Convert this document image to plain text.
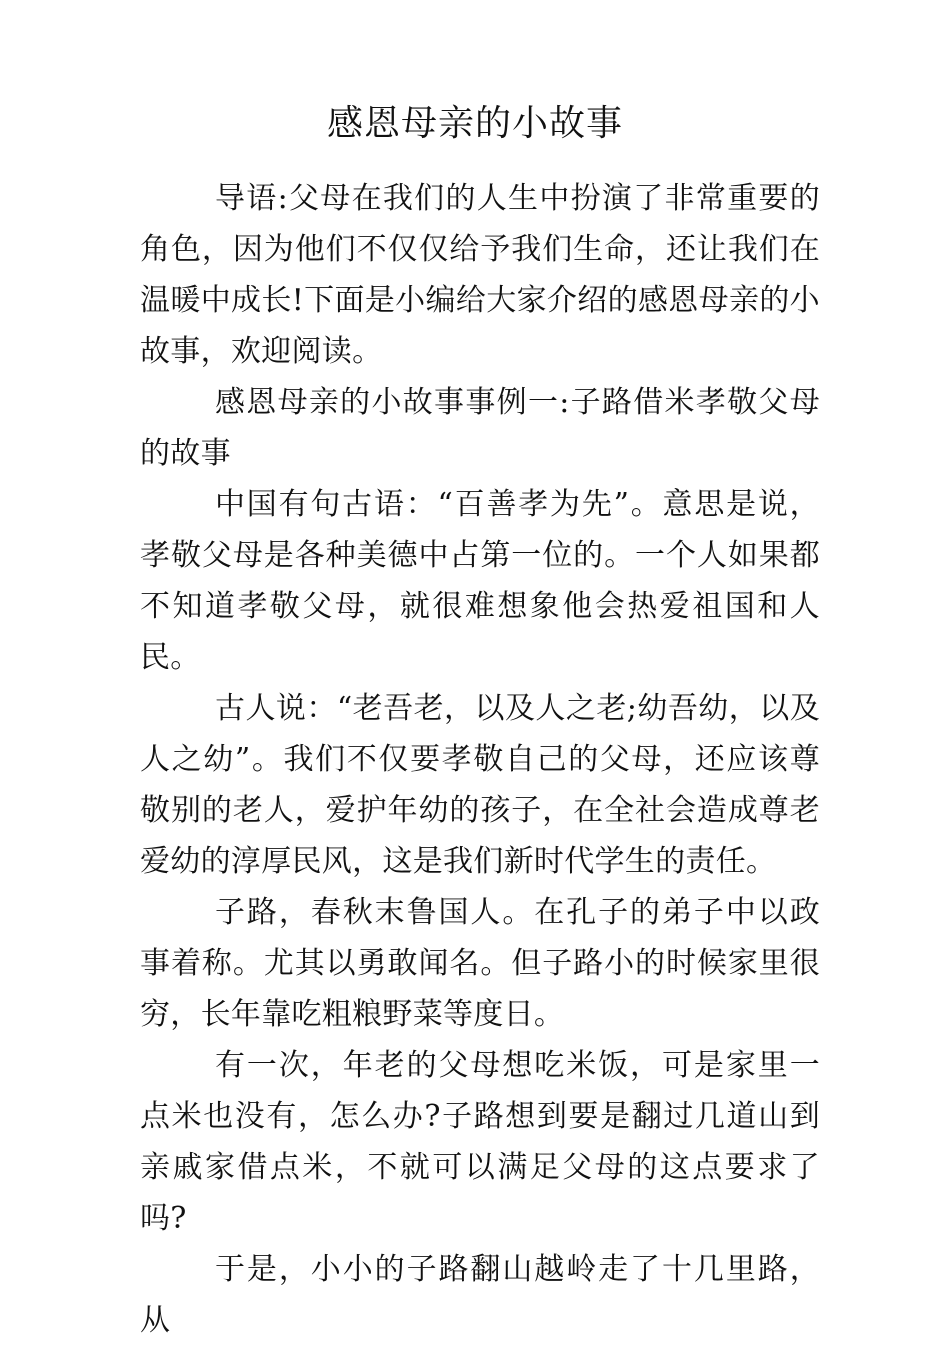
感恩母亲的小故事

导语:父母在我们的人生中扮演了非常重要的角色，因为他们不仅仅给予我们生命，还让我们在温暖中成长!下面是小编给大家介绍的感恩母亲的小故事，欢迎阅读。

感恩母亲的小故事事例一:子路借米孝敬父母的故事

中国有句古语：“百善孝为先”。意思是说，孝敬父母是各种美德中占第一位的。一个人如果都不知道孝敬父母，就很难想象他会热爱祖国和人民。

古人说：“老吾老，以及人之老;幼吾幼，以及人之幼”。我们不仅要孝敬自己的父母，还应该尊敬别的老人，爱护年幼的孩子，在全社会造成尊老爱幼的淳厚民风，这是我们新时代学生的责任。

子路，春秋末鲁国人。在孔子的弟子中以政事着称。尤其以勇敢闻名。但子路小的时候家里很穷，长年靠吃粗粮野菜等度日。

有一次，年老的父母想吃米饭，可是家里一点米也没有，怎么办?子路想到要是翻过几道山到亲戚家借点米，不就可以满足父母的这点要求了吗?

于是，小小的子路翻山越岭走了十几里路，从
